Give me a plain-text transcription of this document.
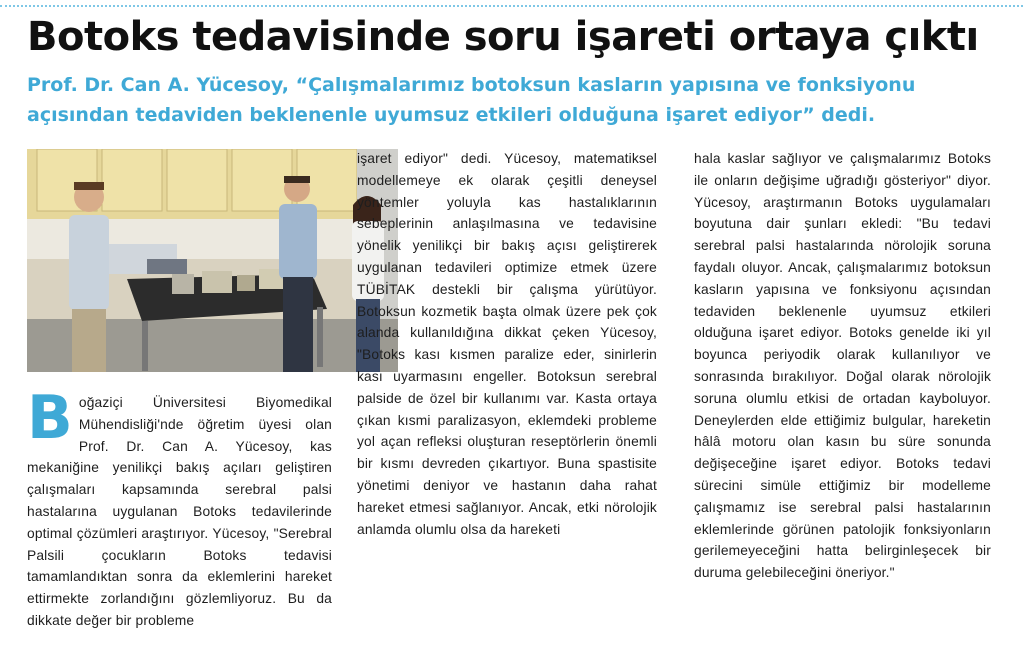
Botoks tedavisinde soru işareti ortaya çıktı

Prof. Dr. Can A. Yücesoy, “Çalışmalarımız botoksun kasların yapısına ve fonksiyonu açısından tedaviden beklenenle uyumsuz etkileri olduğuna işaret ediyor” dedi.

Boğaziçi Üniversitesi Biyomedikal Mühendisliği'nde öğretim üyesi olan Prof. Dr. Can A. Yücesoy, kas mekaniğine yenilikçi bakış açıları geliştiren çalışmaları kapsamında serebral palsi hastalarına uygulanan Botoks tedavilerinde optimal çözümleri araştırıyor. Yücesoy, "Serebral Palsili çocukların Botoks tedavisi tamamlandıktan sonra da eklemlerini hareket ettirmekte zorlandığını gözlemliyoruz. Bu da dikkate değer bir probleme

işaret ediyor" dedi. Yücesoy, matematiksel modellemeye ek olarak çeşitli deneysel yöntemler yoluyla kas hastalıklarının sebeplerinin anlaşılmasına ve tedavisine yönelik yenilikçi bir bakış açısı geliştirerek uygulanan tedavileri optimize etmek üzere TÜBİTAK destekli bir çalışma yürütüyor. Botoksun kozmetik başta olmak üzere pek çok alanda kullanıldığına dikkat çeken Yücesoy, "Botoks kası kısmen paralize eder, sinirlerin kası uyarmasını engeller. Botoksun serebral palside de özel bir kullanımı var. Kasta ortaya çıkan kısmi paralizasyon, eklemdeki probleme yol açan refleksi oluşturan reseptörlerin önemli bir kısmı devreden çıkartıyor. Buna spastisite yönetimi deniyor ve hastanın daha rahat hareket etmesi sağlanıyor. Ancak, etki nörolojik anlamda olumlu olsa da hareketi

hala kaslar sağlıyor ve çalışmalarımız Botoks ile onların değişime uğradığı gösteriyor" diyor. Yücesoy, araştırmanın Botoks uygulamaları boyutuna dair şunları ekledi: "Bu tedavi serebral palsi hastalarında nörolojik soruna faydalı oluyor. Ancak, çalışmalarımız botoksun kasların yapısına ve fonksiyonu açısından tedaviden beklenenle uyumsuz etkileri olduğuna işaret ediyor. Botoks genelde iki yıl boyunca periyodik olarak kullanılıyor ve sonrasında bırakılıyor. Doğal olarak nörolojik soruna olumlu etkisi de ortadan kayboluyor. Deneylerden elde ettiğimiz bulgular, hareketin hâlâ motoru olan kasın bu süre sonunda değişeceğine işaret ediyor. Botoks tedavi sürecini simüle ettiğimiz bir modelleme çalışmamız ise serebral palsi hastalarının eklemlerinde görünen patolojik fonksiyonların gerilemeyeceğini hatta belirginleşecek bir duruma gelebileceğini öneriyor."
